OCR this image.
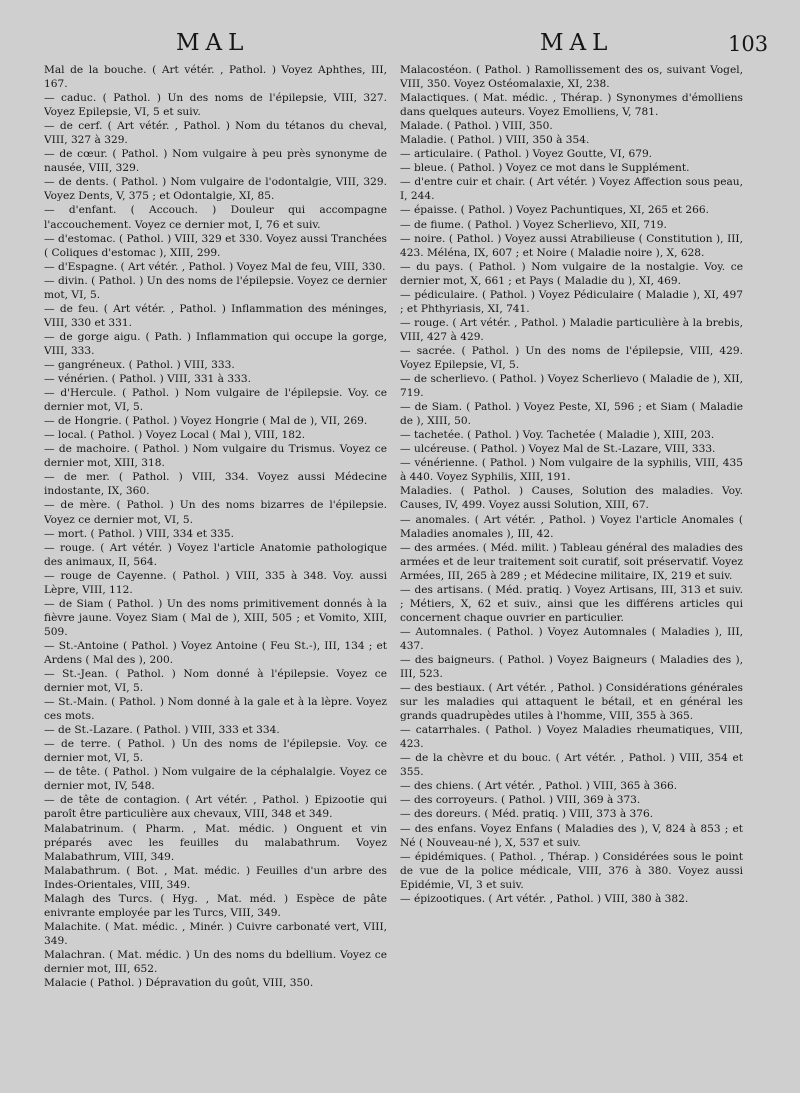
MAL	MAL	103

Mal de la bouche. ( Art vétér. , Pathol. ) Voyez Aphthes, III, 167.

— caduc. ( Pathol. ) Un des noms de l'épilepsie, VIII, 327. Voyez Epilepsie, VI, 5 et suiv.

— de cerf. ( Art vétér. , Pathol. ) Nom du tétanos du cheval, VIII, 327 à 329.

— de cœur. ( Pathol. ) Nom vulgaire à peu près synonyme de nausée, VIII, 329.

— de dents. ( Pathol. ) Nom vulgaire de l'odontalgie, VIII, 329. Voyez Dents, V, 375 ; et Odontalgie, XI, 85.

— d'enfant. ( Accouch. ) Douleur qui accompagne l'accouchement. Voyez ce dernier mot, I, 76 et suiv.

— d'estomac. ( Pathol. ) VIII, 329 et 330. Voyez aussi Tranchées ( Coliques d'estomac ), XIII, 299.

— d'Espagne. ( Art vétér. , Pathol. ) Voyez Mal de feu, VIII, 330.

— divin. ( Pathol. ) Un des noms de l'épilepsie. Voyez ce dernier mot, VI, 5.

— de feu. ( Art vétér. , Pathol. ) Inflammation des méninges, VIII, 330 et 331.

— de gorge aigu. ( Path. ) Inflammation qui occupe la gorge, VIII, 333.

— gangréneux. ( Pathol. ) VIII, 333.

— vénérien. ( Pathol. ) VIII, 331 à 333.

— d'Hercule. ( Pathol. ) Nom vulgaire de l'épilepsie. Voy. ce dernier mot, VI, 5.

— de Hongrie. ( Pathol. ) Voyez Hongrie ( Mal de ), VII, 269.

— local. ( Pathol. ) Voyez Local ( Mal ), VIII, 182.

— de machoire. ( Pathol. ) Nom vulgaire du Trismus. Voyez ce dernier mot, XIII, 318.

— de mer. ( Pathol. ) VIII, 334. Voyez aussi Médecine indostante, IX, 360.

— de mère. ( Pathol. ) Un des noms bizarres de l'épilepsie. Voyez ce dernier mot, VI, 5.

— mort. ( Pathol. ) VIII, 334 et 335.

— rouge. ( Art vétér. ) Voyez l'article Anatomie pathologique des animaux, II, 564.

— rouge de Cayenne. ( Pathol. ) VIII, 335 à 348. Voy. aussi Lèpre, VIII, 112.

— de Siam ( Pathol. ) Un des noms primitivement donnés à la fièvre jaune. Voyez Siam ( Mal de ), XIII, 505 ; et Vomito, XIII, 509.

— St.-Antoine ( Pathol. ) Voyez Antoine ( Feu St.-), III, 134 ; et Ardens ( Mal des ), 200.

— St.-Jean. ( Pathol. ) Nom donné à l'épilepsie. Voyez ce dernier mot, VI, 5.

— St.-Main. ( Pathol. ) Nom donné à la gale et à la lèpre. Voyez ces mots.

— de St.-Lazare. ( Pathol. ) VIII, 333 et 334.

— de terre. ( Pathol. ) Un des noms de l'épilepsie. Voy. ce dernier mot, VI, 5.

— de tête. ( Pathol. ) Nom vulgaire de la céphalalgie. Voyez ce dernier mot, IV, 548.

— de tête de contagion. ( Art vétér. , Pathol. ) Epizootie qui paroît être particulière aux chevaux, VIII, 348 et 349.

Malabatrinum. ( Pharm. , Mat. médic. ) Onguent et vin préparés avec les feuilles du malabathrum. Voyez Malabathrum, VIII, 349.

Malabathrum. ( Bot. , Mat. médic. ) Feuilles d'un arbre des Indes-Orientales, VIII, 349.

Malagh des Turcs. ( Hyg. , Mat. méd. ) Espèce de pâte enivrante employée par les Turcs, VIII, 349.

Malachite. ( Mat. médic. , Minér. ) Cuivre carbonaté vert, VIII, 349.

Malachran. ( Mat. médic. ) Un des noms du bdellium. Voyez ce dernier mot, III, 652.

Malacie ( Pathol. ) Dépravation du goût, VIII, 350.

Malacostéon. ( Pathol. ) Ramollissement des os, suivant Vogel, VIII, 350. Voyez Ostéomalaxie, XI, 238.

Malactiques. ( Mat. médic. , Thérap. ) Synonymes d'émolliens dans quelques auteurs. Voyez Emolliens, V, 781.

Malade. ( Pathol. ) VIII, 350.

Maladie. ( Pathol. ) VIII, 350 à 354.

— articulaire. ( Pathol. ) Voyez Goutte, VI, 679.

— bleue. ( Pathol. ) Voyez ce mot dans le Supplément.

— d'entre cuir et chair. ( Art vétér. ) Voyez Affection sous peau, I, 244.

— épaisse. ( Pathol. ) Voyez Pachuntiques, XI, 265 et 266.

— de fiume. ( Pathol. ) Voyez Scherlievo, XII, 719.

— noire. ( Pathol. ) Voyez aussi Atrabilieuse ( Constitution ), III, 423. Méléna, IX, 607 ; et Noire ( Maladie noire ), X, 628.

— du pays. ( Pathol. ) Nom vulgaire de la nostalgie. Voy. ce dernier mot, X, 661 ; et Pays ( Maladie du ), XI, 469.

— pédiculaire. ( Pathol. ) Voyez Pédiculaire ( Maladie ), XI, 497 ; et Phthyriasis, XI, 741.

— rouge. ( Art vétér. , Pathol. ) Maladie particulière à la brebis, VIII, 427 à 429.

— sacrée. ( Pathol. ) Un des noms de l'épilepsie, VIII, 429. Voyez Epilepsie, VI, 5.

— de scherlievo. ( Pathol. ) Voyez Scherlievo ( Maladie de ), XII, 719.

— de Siam. ( Pathol. ) Voyez Peste, XI, 596 ; et Siam ( Maladie de ), XIII, 50.

— tachetée. ( Pathol. ) Voy. Tachetée ( Maladie ), XIII, 203.

— ulcéreuse. ( Pathol. ) Voyez Mal de St.-Lazare, VIII, 333.

— vénérienne. ( Pathol. ) Nom vulgaire de la syphilis, VIII, 435 à 440. Voyez Syphilis, XIII, 191.

Maladies. ( Pathol. ) Causes, Solution des maladies. Voy. Causes, IV, 499. Voyez aussi Solution, XIII, 67.

— anomales. ( Art vétér. , Pathol. ) Voyez l'article Anomales ( Maladies anomales ), III, 42.

— des armées. ( Méd. milit. ) Tableau général des maladies des armées et de leur traitement soit curatif, soit préservatif. Voyez Armées, III, 265 à 289 ; et Médecine militaire, IX, 219 et suiv.

— des artisans. ( Méd. pratiq. ) Voyez Artisans, III, 313 et suiv. ; Métiers, X, 62 et suiv., ainsi que les différens articles qui concernent chaque ouvrier en particulier.

— Automnales. ( Pathol. ) Voyez Automnales ( Maladies ), III, 437.

— des baigneurs. ( Pathol. ) Voyez Baigneurs ( Maladies des ), III, 523.

— des bestiaux. ( Art vétér. , Pathol. ) Considérations générales sur les maladies qui attaquent le bétail, et en général les grands quadrupèdes utiles à l'homme, VIII, 355 à 365.

— catarrhales. ( Pathol. ) Voyez Maladies rheumatiques, VIII, 423.

— de la chèvre et du bouc. ( Art vétér. , Pathol. ) VIII, 354 et 355.

— des chiens. ( Art vétér. , Pathol. ) VIII, 365 à 366.

— des corroyeurs. ( Pathol. ) VIII, 369 à 373.

— des doreurs. ( Méd. pratiq. ) VIII, 373 à 376.

— des enfans. Voyez Enfans ( Maladies des ), V, 824 à 853 ; et Né ( Nouveau-né ), X, 537 et suiv.

— épidémiques. ( Pathol. , Thérap. ) Considérées sous le point de vue de la police médicale, VIII, 376 à 380. Voyez aussi Epidémie, VI, 3 et suiv.

— épizootiques. ( Art vétér. , Pathol. ) VIII, 380 à 382.
